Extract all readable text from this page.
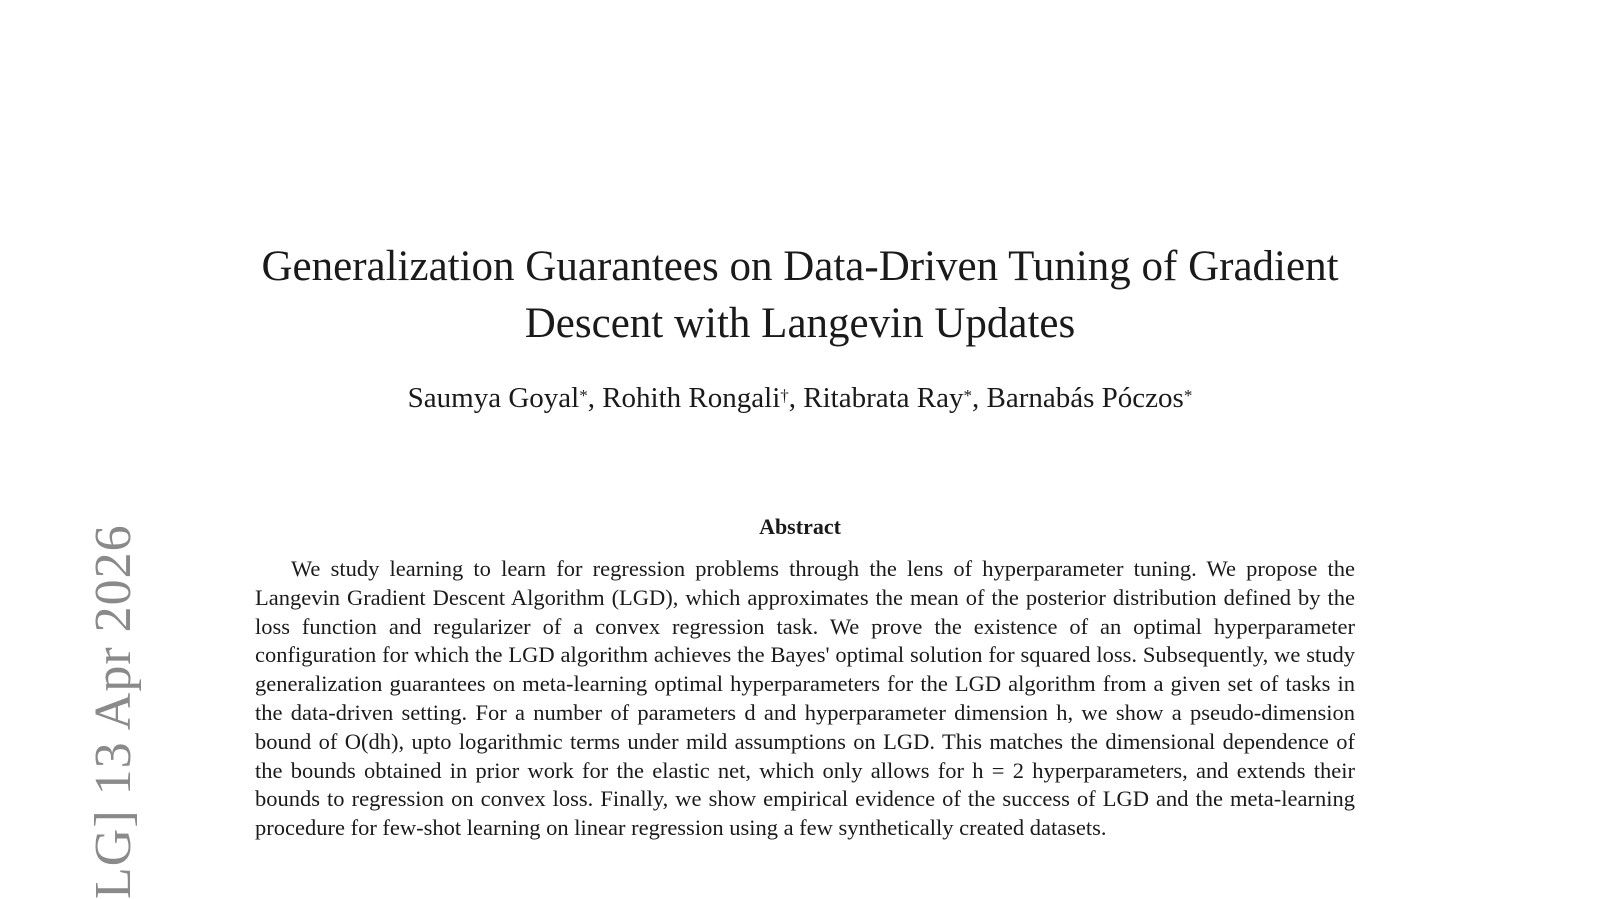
LG] 13 Apr 2026
Generalization Guarantees on Data-Driven Tuning of Gradient Descent with Langevin Updates

Saumya Goyal*, Rohith Rongali†, Ritabrata Ray*, Barnabás Póczos*

Abstract

We study learning to learn for regression problems through the lens of hyperparameter tuning. We propose the Langevin Gradient Descent Algorithm (LGD), which approximates the mean of the posterior distribution defined by the loss function and regularizer of a convex regression task. We prove the existence of an optimal hyperparameter configuration for which the LGD algorithm achieves the Bayes' optimal solution for squared loss. Subsequently, we study generalization guarantees on meta-learning optimal hyperparameters for the LGD algorithm from a given set of tasks in the data-driven setting. For a number of parameters d and hyperparameter dimension h, we show a pseudo-dimension bound of O(dh), upto logarithmic terms under mild assumptions on LGD. This matches the dimensional dependence of the bounds obtained in prior work for the elastic net, which only allows for h = 2 hyperparameters, and extends their bounds to regression on convex loss. Finally, we show empirical evidence of the success of LGD and the meta-learning procedure for few-shot learning on linear regression using a few synthetically created datasets.
